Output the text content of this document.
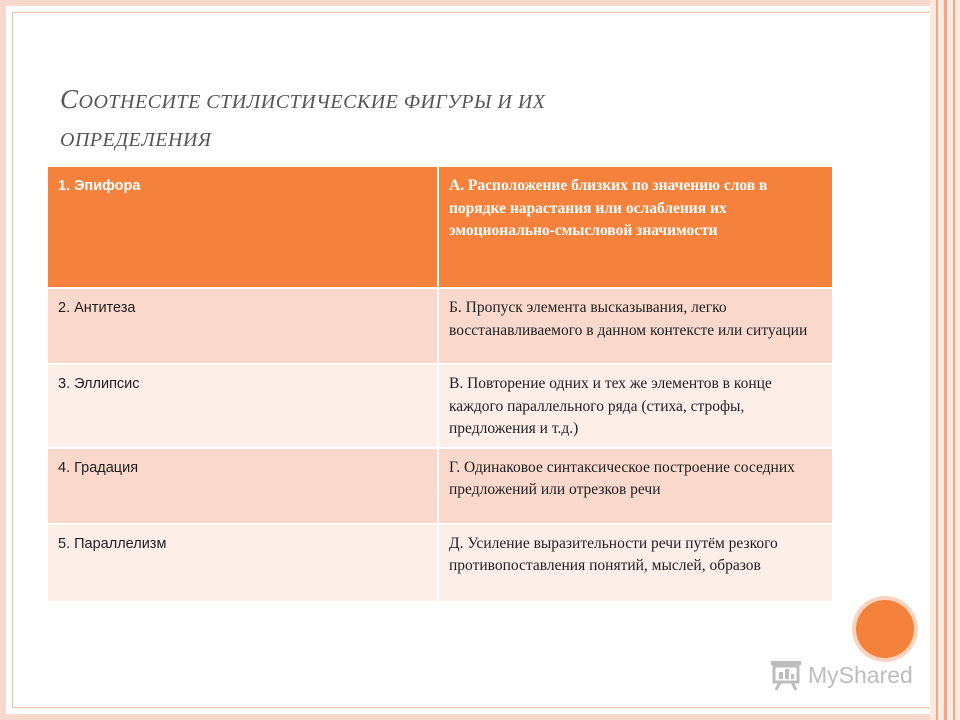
СООТНЕСИТЕ СТИЛИСТИЧЕСКИЕ ФИГУРЫ И ИХ
ОПРЕДЕЛЕНИЯ
1. Эпифора	А. Расположение близких по значению слов в порядке нарастания или ослабления их эмоционально-смысловой значимости
2. Антитеза	Б. Пропуск элемента высказывания, легко восстанавливаемого в данном контексте или ситуации
3. Эллипсис	В. Повторение одних и тех же элементов в конце каждого параллельного ряда (стиха, строфы, предложения и т.д.)
4. Градация	Г. Одинаковое синтаксическое построение соседних предложений или отрезков речи
5. Параллелизм	Д. Усиление выразительности речи путём резкого противопоставления понятий, мыслей, образов
MyShared
